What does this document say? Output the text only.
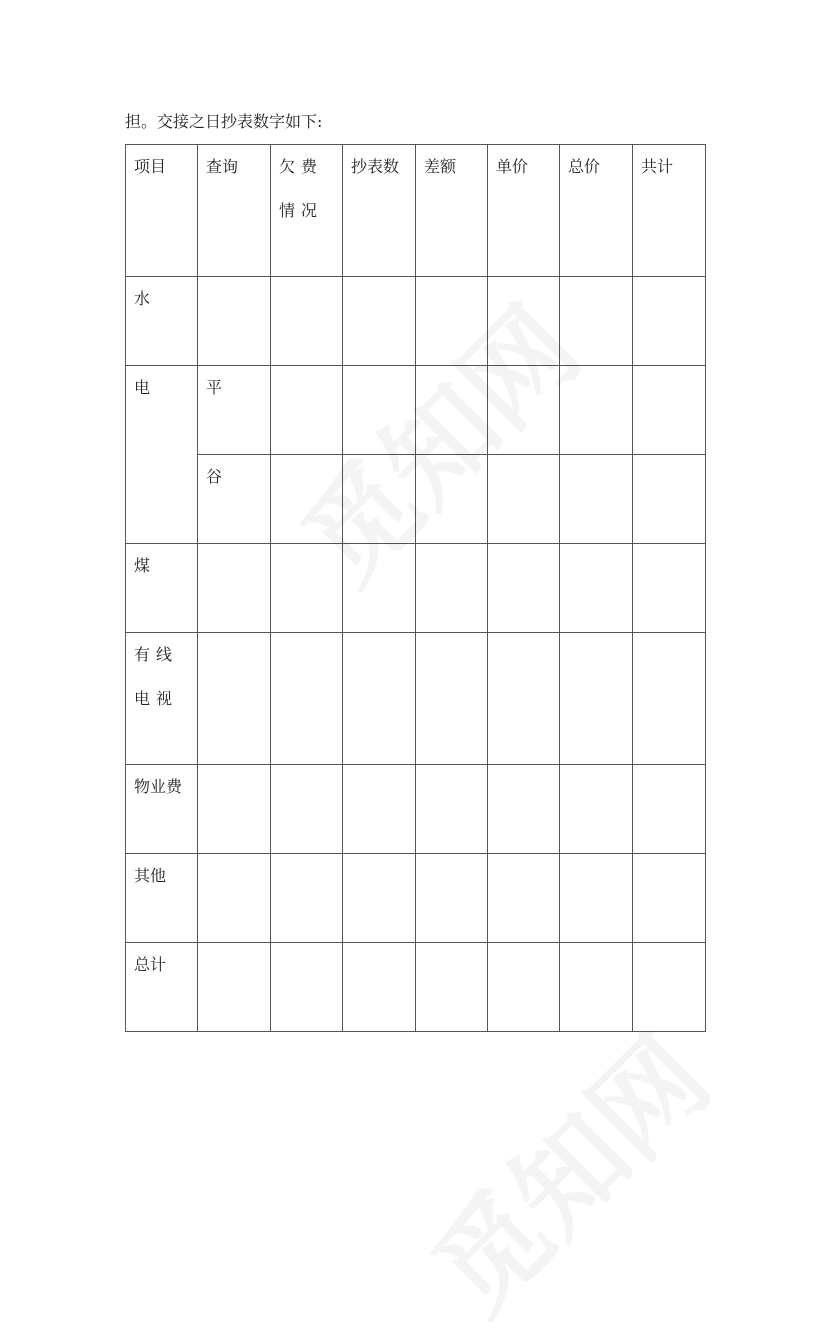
担。交接之日抄表数字如下:
项目	查询	欠费情况	抄表数	差额	单价	总价	共计

水							

电	平						

	谷						

煤							

有线电视							

物业费							

其他							

总计							
